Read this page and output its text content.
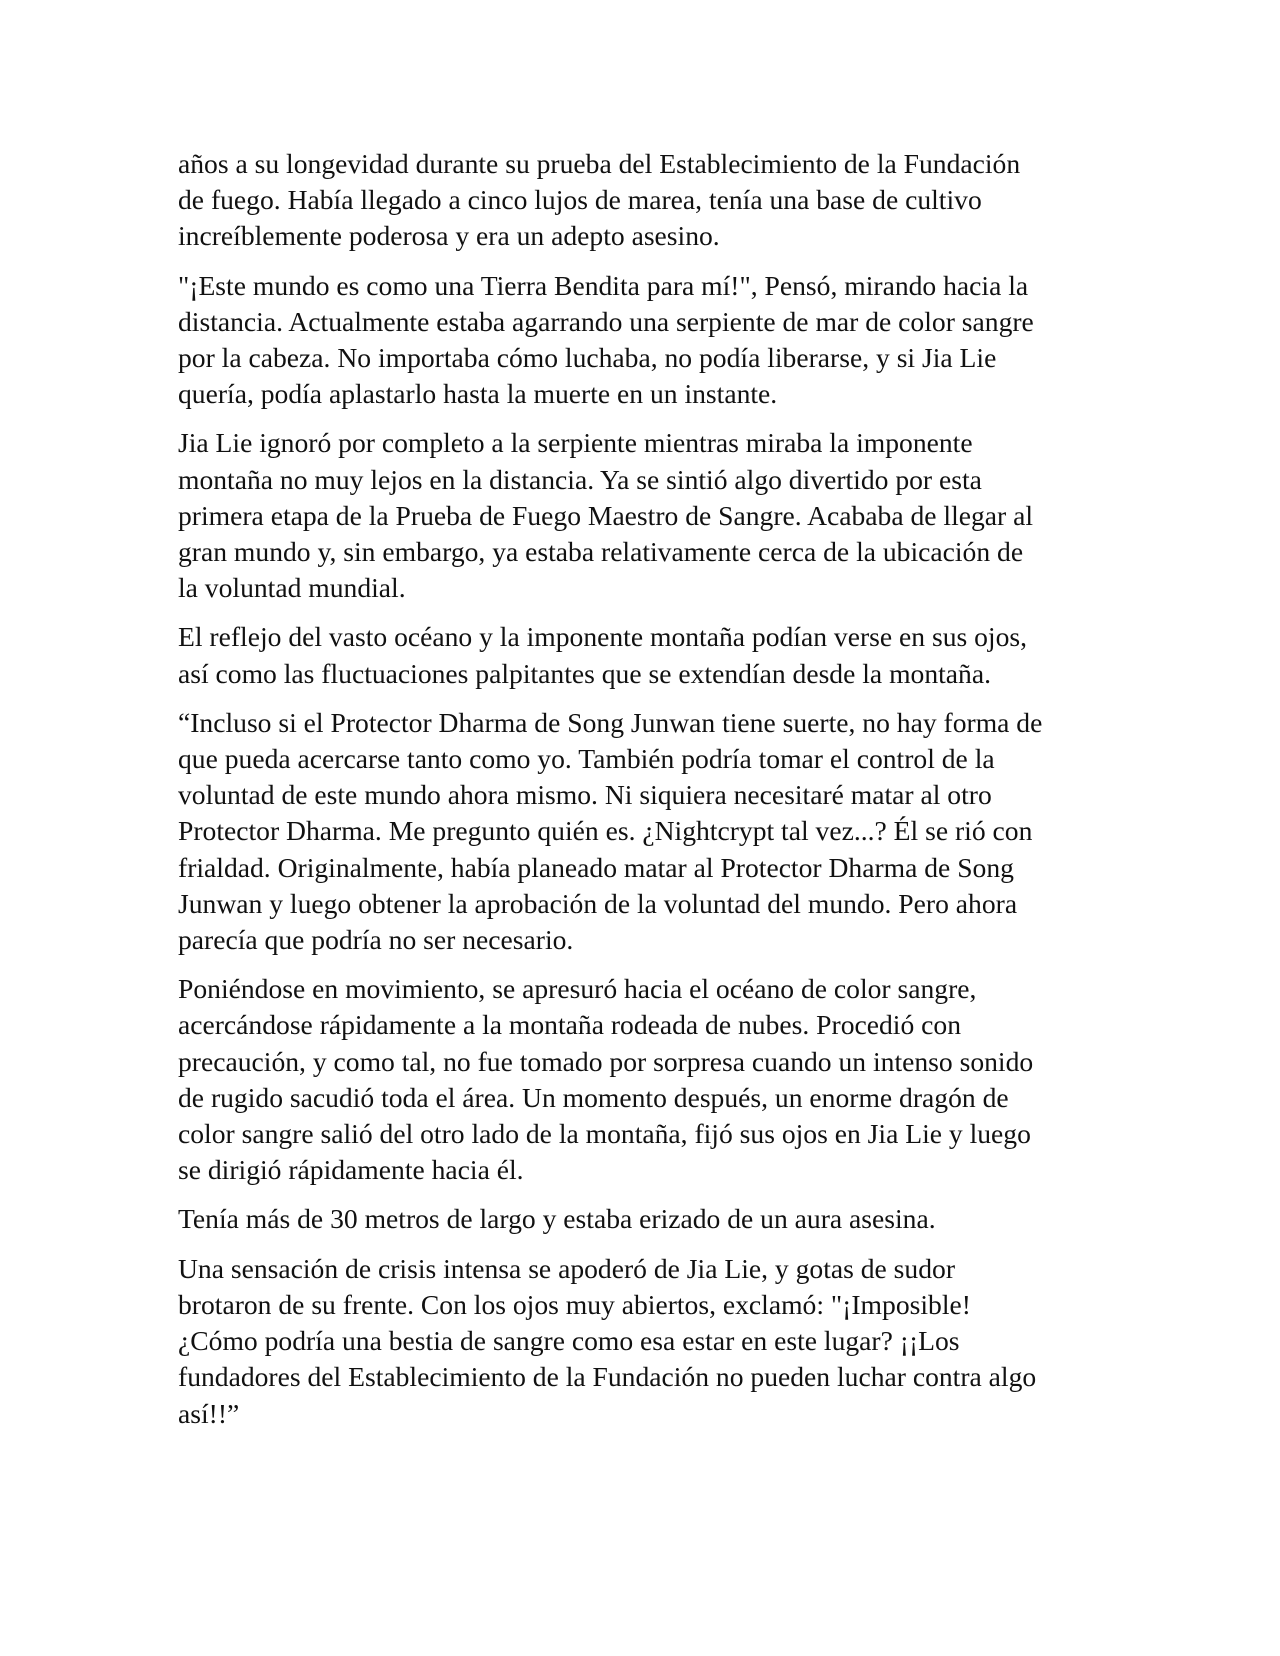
años a su longevidad durante su prueba del Establecimiento de la Fundación
de fuego. Había llegado a cinco lujos de marea, tenía una base de cultivo
increíblemente poderosa y era un adepto asesino.

"¡Este mundo es como una Tierra Bendita para mí!", Pensó, mirando hacia la
distancia. Actualmente estaba agarrando una serpiente de mar de color sangre
por la cabeza. No importaba cómo luchaba, no podía liberarse, y si Jia Lie
quería, podía aplastarlo hasta la muerte en un instante.

Jia Lie ignoró por completo a la serpiente mientras miraba la imponente
montaña no muy lejos en la distancia. Ya se sintió algo divertido por esta
primera etapa de la Prueba de Fuego Maestro de Sangre. Acababa de llegar al
gran mundo y, sin embargo, ya estaba relativamente cerca de la ubicación de
la voluntad mundial.

El reflejo del vasto océano y la imponente montaña podían verse en sus ojos,
así como las fluctuaciones palpitantes que se extendían desde la montaña.

“Incluso si el Protector Dharma de Song Junwan tiene suerte, no hay forma de
que pueda acercarse tanto como yo. También podría tomar el control de la
voluntad de este mundo ahora mismo. Ni siquiera necesitaré matar al otro
Protector Dharma. Me pregunto quién es. ¿Nightcrypt tal vez...? Él se rió con
frialdad. Originalmente, había planeado matar al Protector Dharma de Song
Junwan y luego obtener la aprobación de la voluntad del mundo. Pero ahora
parecía que podría no ser necesario.

Poniéndose en movimiento, se apresuró hacia el océano de color sangre,
acercándose rápidamente a la montaña rodeada de nubes. Procedió con
precaución, y como tal, no fue tomado por sorpresa cuando un intenso sonido
de rugido sacudió toda el área. Un momento después, un enorme dragón de
color sangre salió del otro lado de la montaña, fijó sus ojos en Jia Lie y luego
se dirigió rápidamente hacia él.

Tenía más de 30 metros de largo y estaba erizado de un aura asesina.

Una sensación de crisis intensa se apoderó de Jia Lie, y gotas de sudor
brotaron de su frente. Con los ojos muy abiertos, exclamó: "¡Imposible!
¿Cómo podría una bestia de sangre como esa estar en este lugar? ¡¡Los
fundadores del Establecimiento de la Fundación no pueden luchar contra algo
así!!”
